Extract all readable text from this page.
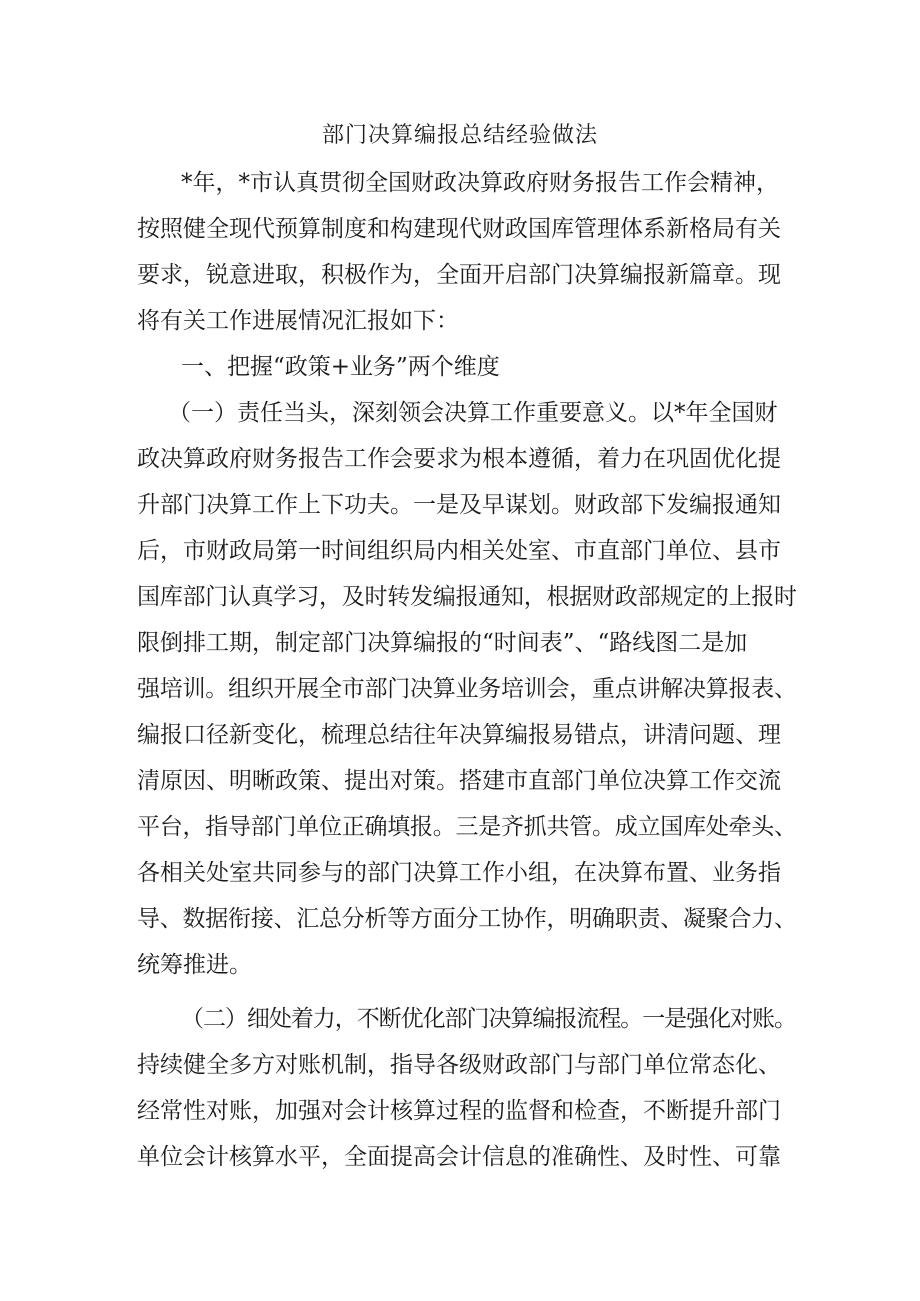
部门决算编报总结经验做法
*年，*市认真贯彻全国财政决算政府财务报告工作会精神，
按照健全现代预算制度和构建现代财政国库管理体系新格局有关
要求，锐意进取，积极作为，全面开启部门决算编报新篇章。现
将有关工作进展情况汇报如下：
一、把握“政策+业务”两个维度
（一）责任当头，深刻领会决算工作重要意义。以*年全国财
政决算政府财务报告工作会要求为根本遵循，着力在巩固优化提
升部门决算工作上下功夫。一是及早谋划。财政部下发编报通知
后，市财政局第一时间组织局内相关处室、市直部门单位、县市
国库部门认真学习，及时转发编报通知，根据财政部规定的上报时
限倒排工期，制定部门决算编报的“时间表”、“路线图二是加
强培训。组织开展全市部门决算业务培训会，重点讲解决算报表、
编报口径新变化，梳理总结往年决算编报易错点，讲清问题、理
清原因、明晰政策、提出对策。搭建市直部门单位决算工作交流
平台，指导部门单位正确填报。三是齐抓共管。成立国库处牵头、
各相关处室共同参与的部门决算工作小组，在决算布置、业务指
导、数据衔接、汇总分析等方面分工协作，明确职责、凝聚合力、
统筹推进。
（二）细处着力，不断优化部门决算编报流程。一是强化对账。
持续健全多方对账机制，指导各级财政部门与部门单位常态化、
经常性对账，加强对会计核算过程的监督和检查，不断提升部门
单位会计核算水平，全面提高会计信息的准确性、及时性、可靠
